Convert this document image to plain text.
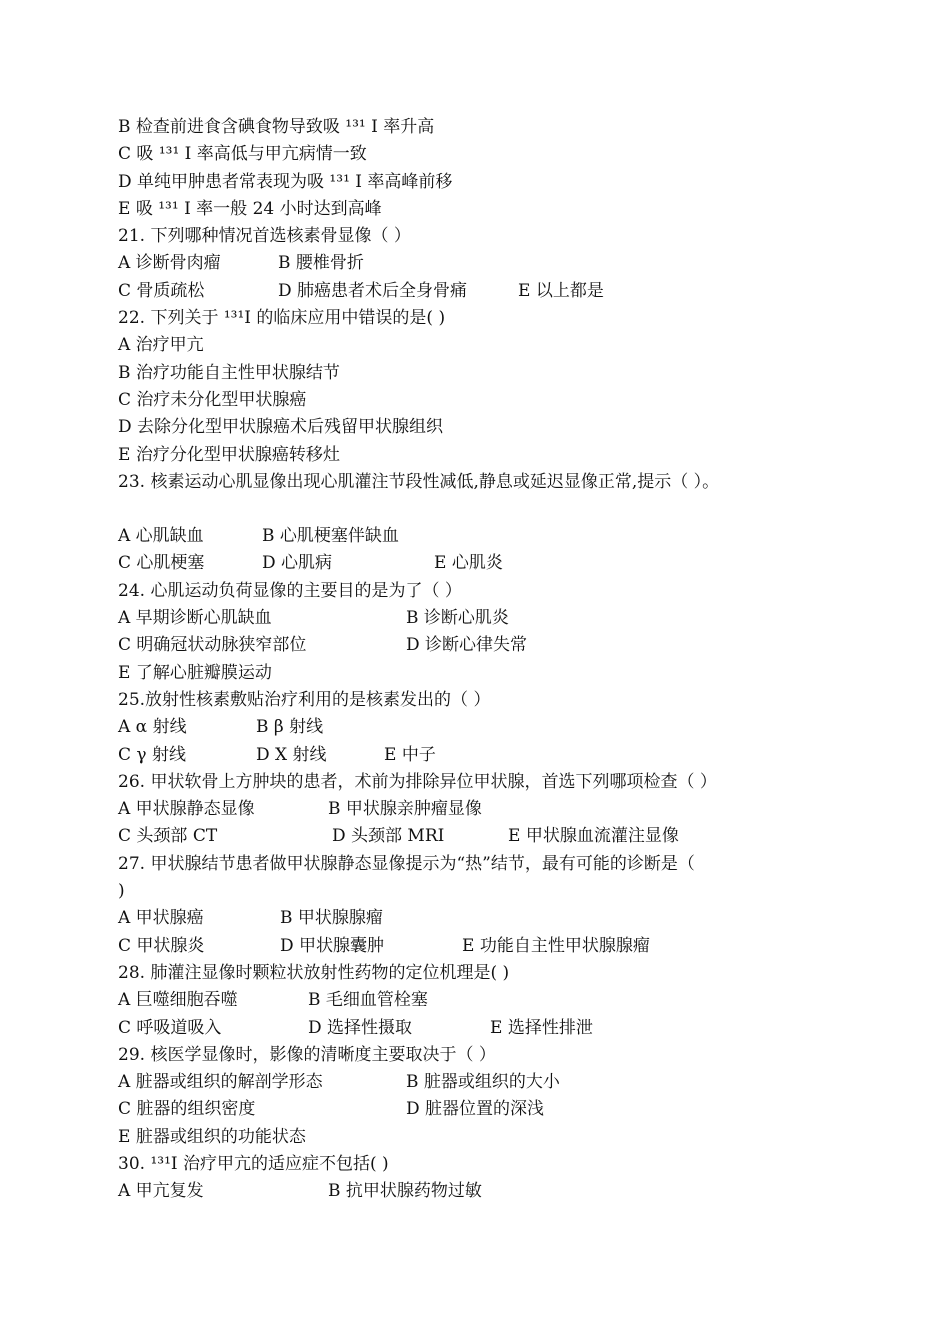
B 检查前进食含碘食物导致吸 ¹³¹ I 率升高
C 吸 ¹³¹ I 率高低与甲亢病情一致
D 单纯甲肿患者常表现为吸 ¹³¹ I 率高峰前移
E 吸 ¹³¹ I 率一般 24 小时达到高峰
21. 下列哪种情况首选核素骨显像（ ）
A 诊断骨肉瘤	B 腰椎骨折
C 骨质疏松	D 肺癌患者术后全身骨痛	E 以上都是
22. 下列关于 ¹³¹I 的临床应用中错误的是( )
A 治疗甲亢
B 治疗功能自主性甲状腺结节
C 治疗未分化型甲状腺癌
D 去除分化型甲状腺癌术后残留甲状腺组织
E 治疗分化型甲状腺癌转移灶
23. 核素运动心肌显像出现心肌灌注节段性减低,静息或延迟显像正常,提示（ ）。
A 心肌缺血	B 心肌梗塞伴缺血
C 心肌梗塞	D 心肌病	E 心肌炎
24. 心肌运动负荷显像的主要目的是为了（ ）
A 早期诊断心肌缺血	B 诊断心肌炎
C 明确冠状动脉狭窄部位	D 诊断心律失常
E 了解心脏瓣膜运动
25.放射性核素敷贴治疗利用的是核素发出的（ ）
A α 射线	B β 射线
C γ 射线	D X 射线	E 中子
26. 甲状软骨上方肿块的患者，术前为排除异位甲状腺，首选下列哪项检查（ ）
A 甲状腺静态显像	B 甲状腺亲肿瘤显像
C 头颈部 CT	D 头颈部 MRI	E 甲状腺血流灌注显像
27. 甲状腺结节患者做甲状腺静态显像提示为“热”结节，最有可能的诊断是（
)
A 甲状腺癌	B 甲状腺腺瘤
C 甲状腺炎	D 甲状腺囊肿	E 功能自主性甲状腺腺瘤
28. 肺灌注显像时颗粒状放射性药物的定位机理是( )
A 巨噬细胞吞噬	B 毛细血管栓塞
C 呼吸道吸入	D 选择性摄取	E 选择性排泄
29. 核医学显像时，影像的清晰度主要取决于（ ）
A 脏器或组织的解剖学形态	B 脏器或组织的大小
C 脏器的组织密度	D 脏器位置的深浅
E 脏器或组织的功能状态
30. ¹³¹I 治疗甲亢的适应症不包括( )
A 甲亢复发	B 抗甲状腺药物过敏
